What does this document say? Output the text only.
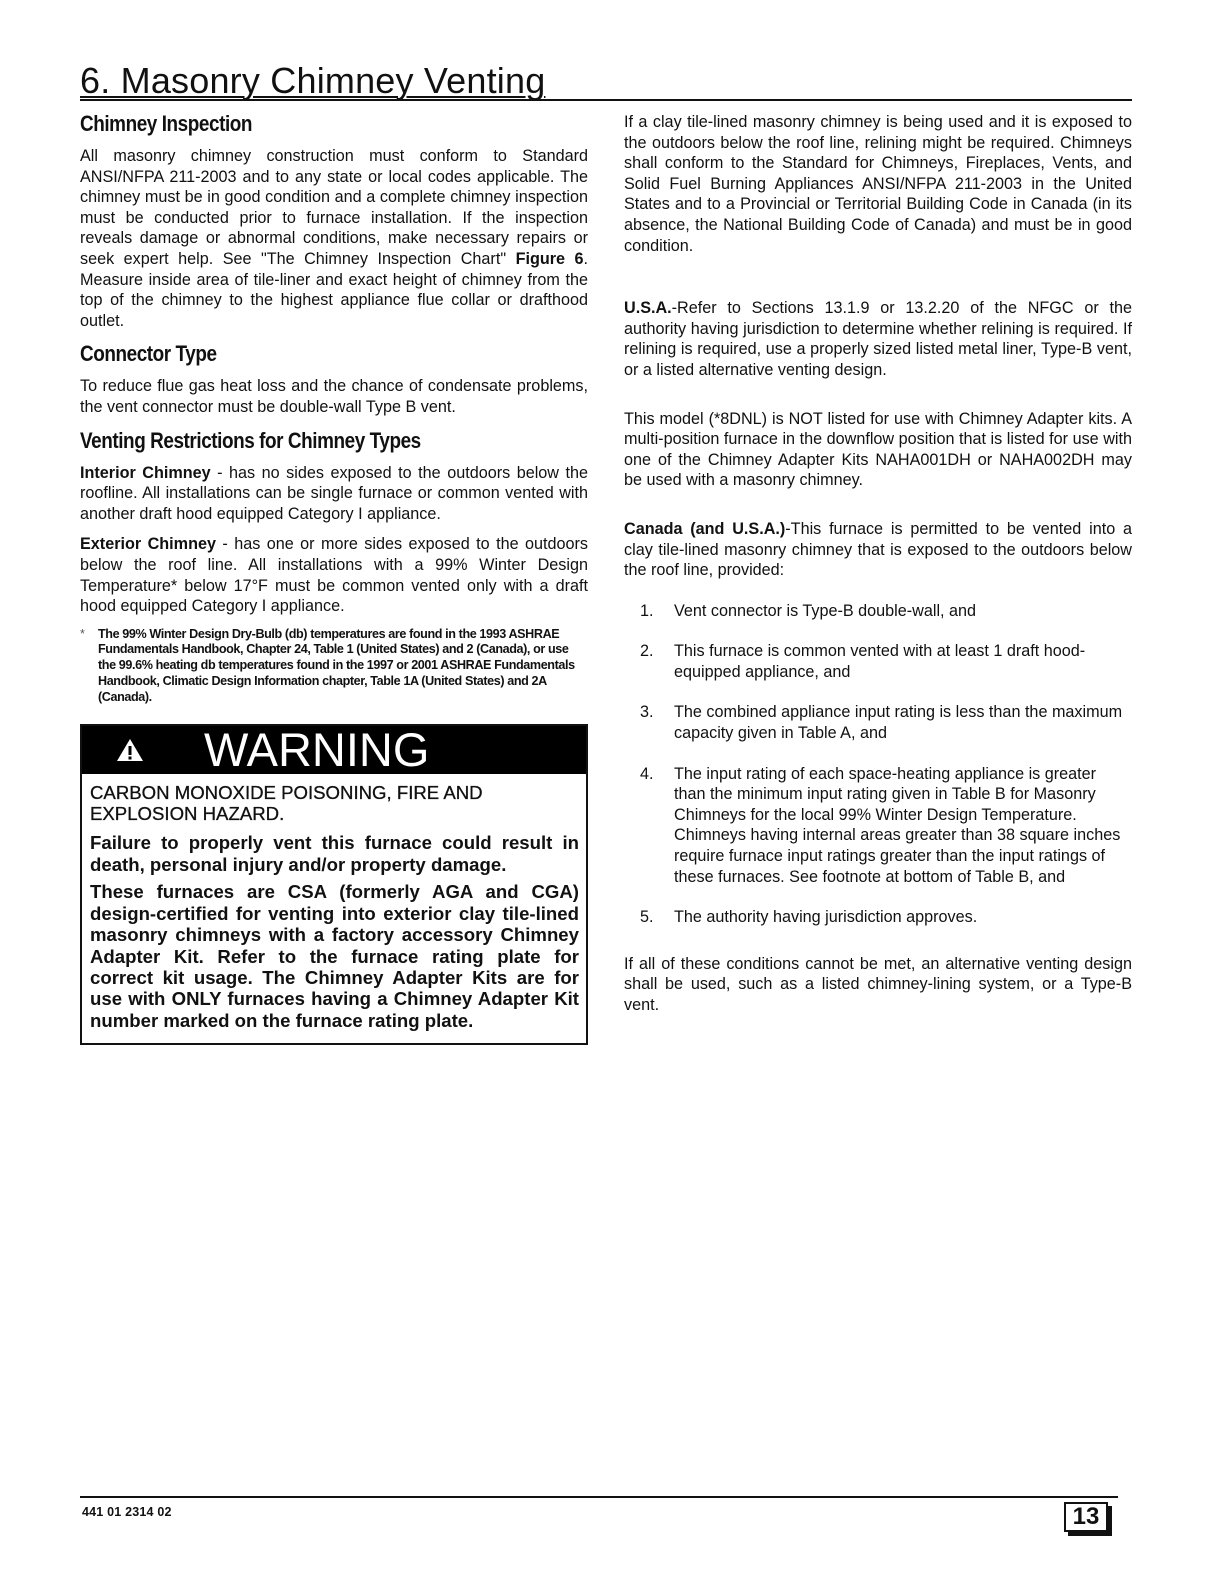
6. Masonry Chimney Venting
Chimney Inspection

All masonry chimney construction must conform to Standard ANSI/NFPA 211-2003 and to any state or local codes applicable. The chimney must be in good condition and a complete chimney inspection must be conducted prior to furnace installation. If the inspection reveals damage or abnormal conditions, make necessary repairs or seek expert help. See "The Chimney Inspection Chart" Figure 6. Measure inside area of tile-liner and exact height of chimney from the top of the chimney to the highest appliance flue collar or drafthood outlet.

Connector Type

To reduce flue gas heat loss and the chance of condensate problems, the vent connector must be double-wall Type B vent.

Venting Restrictions for Chimney Types

Interior Chimney - has no sides exposed to the outdoors below the roofline. All installations can be single furnace or common vented with another draft hood equipped Category I appliance.

Exterior Chimney - has one or more sides exposed to the outdoors below the roof line. All installations with a 99% Winter Design Temperature* below 17°F must be common vented only with a draft hood equipped Category I appliance.

*	The 99% Winter Design Dry-Bulb (db) temperatures are found in the 1993 ASHRAE Fundamentals Handbook, Chapter 24, Table 1 (United States) and 2 (Canada), or use the 99.6% heating db temperatures found in the 1997 or 2001 ASHRAE Fundamentals Handbook, Climatic Design Information chapter, Table 1A (United States) and 2A (Canada).
WARNING

CARBON MONOXIDE POISONING, FIRE AND EXPLOSION HAZARD.

Failure to properly vent this furnace could result in death, personal injury and/or property damage.

These furnaces are CSA (formerly AGA and CGA) design-certified for venting into exterior clay tile-lined masonry chimneys with a factory accessory Chimney Adapter Kit. Refer to the furnace rating plate for correct kit usage. The Chimney Adapter Kits are for use with ONLY furnaces having a Chimney Adapter Kit number marked on the furnace rating plate.

If a clay tile-lined masonry chimney is being used and it is exposed to the outdoors below the roof line, relining might be required. Chimneys shall conform to the Standard for Chimneys, Fireplaces, Vents, and Solid Fuel Burning Appliances ANSI/NFPA 211-2003 in the United States and to a Provincial or Territorial Building Code in Canada (in its absence, the National Building Code of Canada) and must be in good condition.

U.S.A.-Refer to Sections 13.1.9 or 13.2.20 of the NFGC or the authority having jurisdiction to determine whether relining is required. If relining is required, use a properly sized listed metal liner, Type-B vent, or a listed alternative venting design.

This model (*8DNL) is NOT listed for use with Chimney Adapter kits. A multi-position furnace in the downflow position that is listed for use with one of the Chimney Adapter Kits NAHA001DH or NAHA002DH may be used with a masonry chimney.

Canada (and U.S.A.)-This furnace is permitted to be vented into a clay tile-lined masonry chimney that is exposed to the outdoors below the roof line, provided:

1.	Vent connector is Type-B double-wall, and
2.	This furnace is common vented with at least 1 draft hood-equipped appliance, and
3.	The combined appliance input rating is less than the maximum capacity given in Table A, and
4.	The input rating of each space-heating appliance is greater than the minimum input rating given in Table B for Masonry Chimneys for the local 99% Winter Design Temperature. Chimneys having internal areas greater than 38 square inches require furnace input ratings greater than the input ratings of these furnaces. See footnote at bottom of Table B, and
5.	The authority having jurisdiction approves.

If all of these conditions cannot be met, an alternative venting design shall be used, such as a listed chimney-lining system, or a Type-B vent.

441 01 2314 02	13
